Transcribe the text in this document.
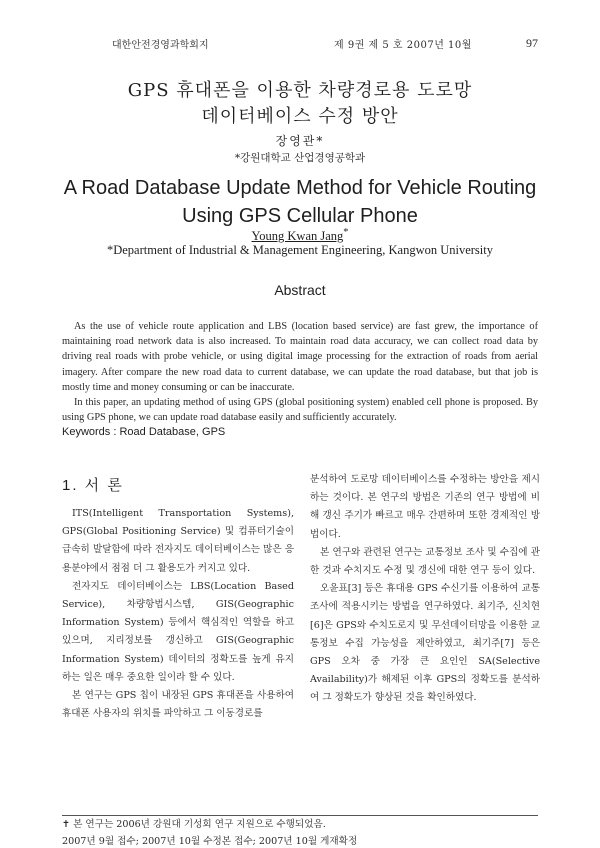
대한안전경영과학회지	제 9권 제 5 호 2007년 10월	97
GPS 휴대폰을 이용한 차량경로용 도로망
데이터베이스 수정 방안
장영관*
*강원대학교 산업경영공학과
A Road Database Update Method for Vehicle Routing
Using GPS Cellular Phone
Young Kwan Jang*
*Department of Industrial & Management Engineering, Kangwon University
Abstract

As the use of vehicle route application and LBS (location based service) are fast grew, the importance of maintaining road network data is also increased. To maintain road data accuracy, we can collect road data by driving real roads with probe vehicle, or using digital image processing for the extraction of roads from aerial imagery. After compare the new road data to current database, we can update the road database, but that job is mostly time and money consuming or can be inaccurate.

In this paper, an updating method of using GPS (global positioning system) enabled cell phone is proposed. By using GPS phone, we can update road database easily and sufficiently accurately.

Keywords : Road Database, GPS
1. 서 론

ITS(Intelligent Transportation Systems), GPS(Global Positioning Service) 및 컴퓨터기술이 급속히 발달함에 따라 전자지도 데이터베이스는 많은 응용분야에서 점점 더 그 활용도가 커지고 있다.

전자지도 데이터베이스는 LBS(Location Based Service), 차량항법시스템, GIS(Geographic Information System) 등에서 핵심적인 역할을 하고 있으며, 지리정보를 갱신하고 GIS(Geographic Information System) 데이터의 정확도를 높게 유지하는 일은 매우 중요한 일이라 할 수 있다.

본 연구는 GPS 칩이 내장된 GPS 휴대폰을 사용하여 휴대폰 사용자의 위치를 파악하고 그 이동경로를

분석하여 도로망 데이터베이스를 수정하는 방안을 제시하는 것이다. 본 연구의 방법은 기존의 연구 방법에 비해 갱신 주기가 빠르고 매우 간편하며 또한 경제적인 방법이다.

본 연구와 관련된 연구는 교통정보 조사 및 수집에 관한 것과 수치지도 수정 및 갱신에 대한 연구 등이 있다.

오윤표[3] 등은 휴대용 GPS 수신기를 이용하여 교통조사에 적용시키는 방법을 연구하였다. 최기주, 신치현[6]은 GPS와 수치도로지 및 무선데이터망을 이용한 교통정보 수집 가능성을 제안하였고, 최기주[7] 등은 GPS 오차 중 가장 큰 요인인 SA(Selective Availability)가 해제된 이후 GPS의 정확도를 분석하여 그 정확도가 향상된 것을 확인하였다.

✝ 본 연구는 2006년 강원대 기성회 연구 지원으로 수행되었음.
2007년 9월 접수; 2007년 10월 수정본 접수; 2007년 10월 게재확정
